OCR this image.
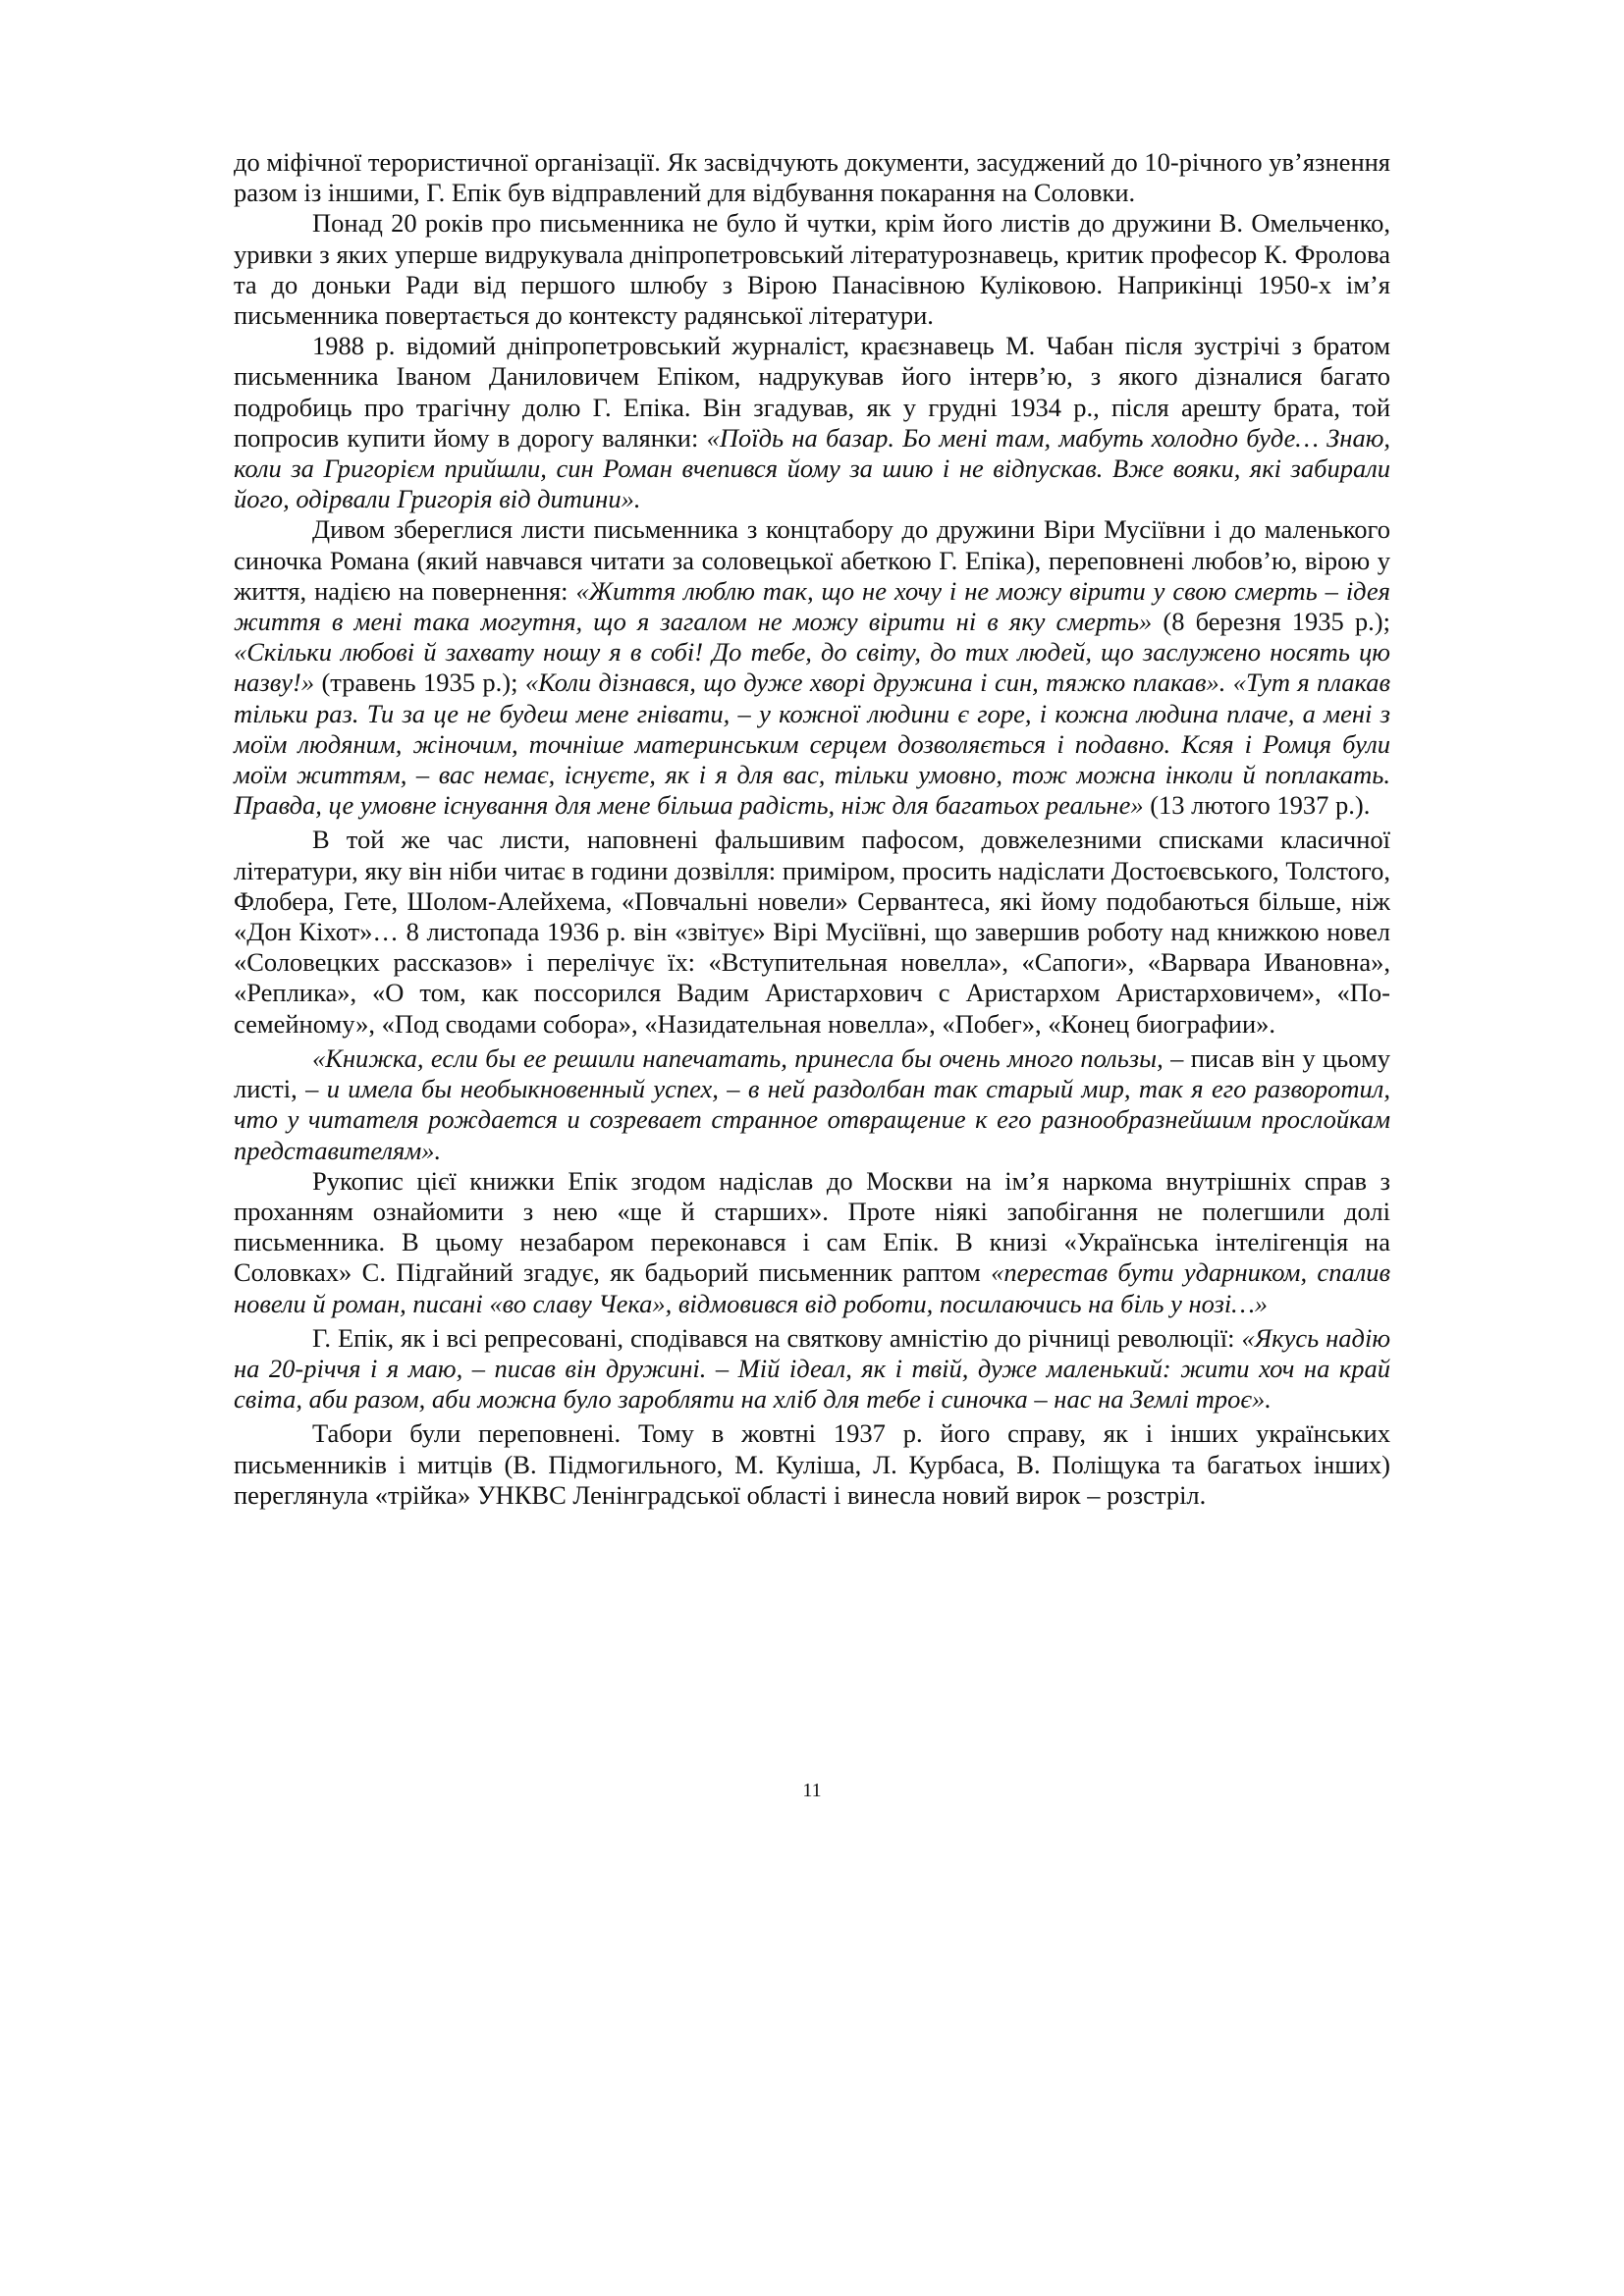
до міфічної терористичної організації. Як засвідчують документи, засуджений до 10-річного ув’язнення разом із іншими, Г. Епік був відправлений для відбування покарання на Соловки.

Понад 20 років про письменника не було й чутки, крім його листів до дружини В. Омельченко, уривки з яких уперше видрукувала дніпропетровський літературознавець, критик професор К. Фролова та до доньки Ради від першого шлюбу з Вірою Панасівною Куліковою. Наприкінці 1950-х ім’я письменника повертається до контексту радянської літератури.

1988 р. відомий дніпропетровський журналіст, краєзнавець М. Чабан після зустрічі з братом письменника Іваном Даниловичем Епіком, надрукував його інтерв’ю, з якого дізналися багато подробиць про трагічну долю Г. Епіка. Він згадував, як у грудні 1934 р., після арешту брата, той попросив купити йому в дорогу валянки: «Поїдь на базар. Бо мені там, мабуть холодно буде… Знаю, коли за Григорієм прийшли, син Роман вчепився йому за шию і не відпускав. Вже вояки, які забирали його, одірвали Григорія від дитини».

Дивом збереглися листи письменника з концтабору до дружини Віри Мусіївни і до маленького синочка Романа (який навчався читати за соловецької абеткою Г. Епіка), переповнені любов’ю, вірою у життя, надією на повернення: «Життя люблю так, що не хочу і не можу вірити у свою смерть – ідея життя в мені така могутня, що я загалом не можу вірити ні в яку смерть» (8 березня 1935 р.); «Скільки любові й захвату ношу я в собі! До тебе, до світу, до тих людей, що заслужено носять цю назву!» (травень 1935 р.); «Коли дізнався, що дуже хворі дружина і син, тяжко плакав». «Тут я плакав тільки раз. Ти за це не будеш мене гнівати, – у кожної людини є горе, і кожна людина плаче, а мені з моїм людяним, жіночим, точніше материнським серцем дозволяється і подавно. Ксяя і Ромця були моїм життям, – вас немає, існуєте, як і я для вас, тільки умовно, тож можна інколи й поплакать. Правда, це умовне існування для мене більша радість, ніж для багатьох реальне» (13 лютого 1937 р.).

В той же час листи, наповнені фальшивим пафосом, довжелезними списками класичної літератури, яку він ніби читає в години дозвілля: приміром, просить надіслати Достоєвського, Толстого, Флобера, Гете, Шолом-Алейхема, «Повчальні новели» Сервантеса, які йому подобаються більше, ніж «Дон Кіхот»… 8 листопада 1936 р. він «звітує» Вірі Мусіївні, що завершив роботу над книжкою новел «Соловецких рассказов» і перелічує їх: «Вступительная новелла», «Сапоги», «Варвара Ивановна», «Реплика», «О том, как поссорился Вадим Аристархович с Аристархом Аристарховичем», «По-семейному», «Под сводами собора», «Назидательная новелла», «Побег», «Конец биографии».

«Книжка, если бы ее решили напечатать, принесла бы очень много пользы, – писав він у цьому листі, – и имела бы необыкновенный успех, – в ней раздолбан так старый мир, так я его разворотил, что у читателя рождается и созревает странное отвращение к его разнообразнейшим прослойкам представителям».

Рукопис цієї книжки Епік згодом надіслав до Москви на ім’я наркома внутрішніх справ з проханням ознайомити з нею «ще й старших». Проте ніякі запобігання не полегшили долі письменника. В цьому незабаром переконався і сам Епік. В книзі «Українська інтелігенція на Соловках» С. Підгайний згадує, як бадьорий письменник раптом «перестав бути ударником, спалив новели й роман, писані «во славу Чека», відмовився від роботи, посилаючись на біль у нозі…»

Г. Епік, як і всі репресовані, сподівався на святкову амністію до річниці революції: «Якусь надію на 20-річчя і я маю, – писав він дружині. – Мій ідеал, як і твій, дуже маленький: жити хоч на край світа, аби разом, аби можна було заробляти на хліб для тебе і синочка – нас на Землі троє».

Табори були переповнені. Тому в жовтні 1937 р. його справу, як і інших українських письменників і митців (В. Підмогильного, М. Куліша, Л. Курбаса, В. Поліщука та багатьох інших) переглянула «трійка» УНКВС Ленінградської області і винесла новий вирок – розстріл.

11
